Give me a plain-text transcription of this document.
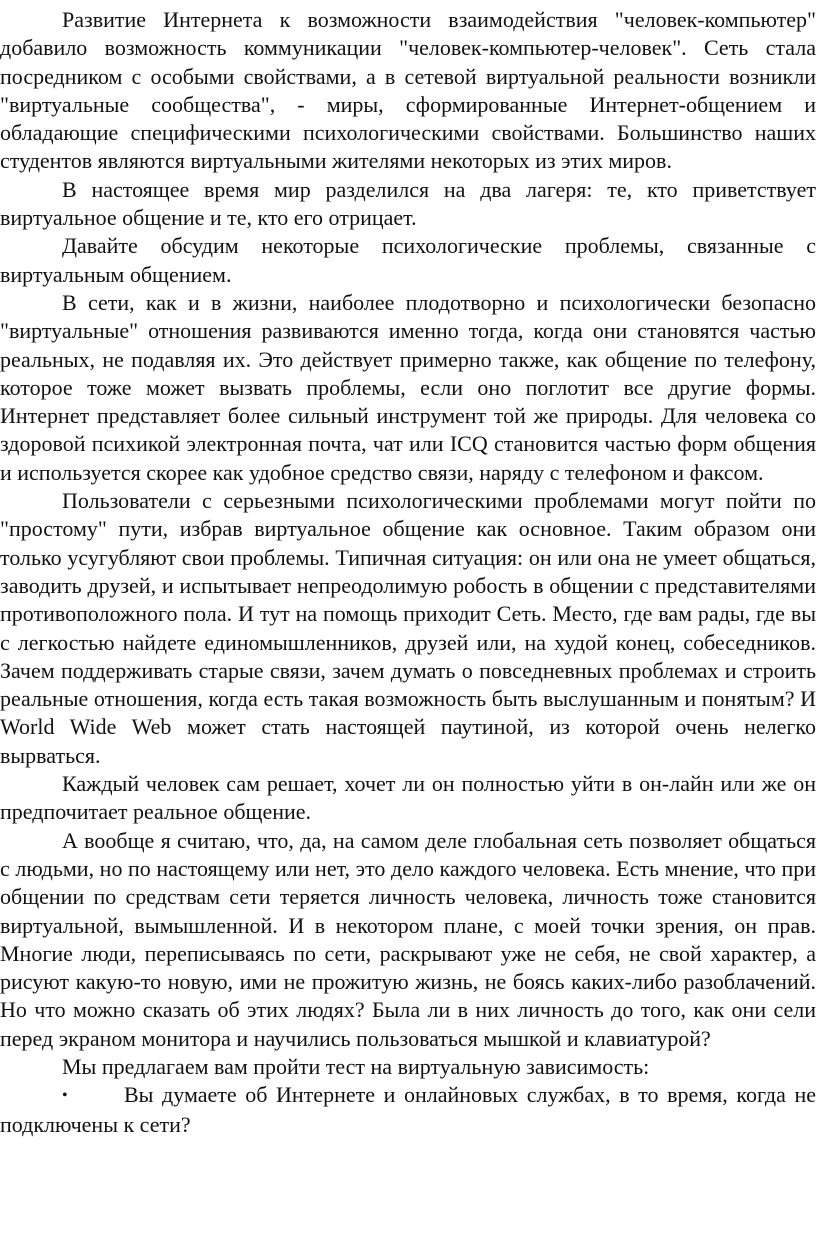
Развитие Интернета к возможности взаимодействия "человек-компьютер" добавило возможность коммуникации "человек-компьютер-человек". Сеть стала посредником с особыми свойствами, а в сетевой виртуальной реальности возникли "виртуальные сообщества", - миры, сформированные Интернет-общением и обладающие специфическими психологическими свойствами. Большинство наших студентов являются виртуальными жителями некоторых из этих миров.

В настоящее время мир разделился на два лагеря: те, кто приветствует виртуальное общение и те, кто его отрицает.

Давайте обсудим некоторые психологические проблемы, связанные с виртуальным общением.

В сети, как и в жизни, наиболее плодотворно и психологически безопасно "виртуальные" отношения развиваются именно тогда, когда они становятся частью реальных, не подавляя их. Это действует примерно также, как общение по телефону, которое тоже может вызвать проблемы, если оно поглотит все другие формы. Интернет представляет более сильный инструмент той же природы. Для человека со здоровой психикой электронная почта, чат или ICQ становится частью форм общения и используется скорее как удобное средство связи, наряду с телефоном и факсом.

Пользователи с серьезными психологическими проблемами могут пойти по "простому" пути, избрав виртуальное общение как основное. Таким образом они только усугубляют свои проблемы. Типичная ситуация: он или она не умеет общаться, заводить друзей, и испытывает непреодолимую робость в общении с представителями противоположного пола. И тут на помощь приходит Сеть. Место, где вам рады, где вы с легкостью найдете единомышленников, друзей или, на худой конец, собеседников. Зачем поддерживать старые связи, зачем думать о повседневных проблемах и строить реальные отношения, когда есть такая возможность быть выслушанным и понятым? И World Wide Web может стать настоящей паутиной, из которой очень нелегко вырваться.

Каждый человек сам решает, хочет ли он полностью уйти в он-лайн или же он предпочитает реальное общение.

А вообще я считаю, что, да, на самом деле глобальная сеть позволяет общаться с людьми, но по настоящему или нет, это дело каждого человека. Есть мнение, что при общении по средствам сети теряется личность человека, личность тоже становится виртуальной, вымышленной. И в некотором плане, с моей точки зрения, он прав. Многие люди, переписываясь по сети, раскрывают уже не себя, не свой характер, а рисуют какую-то новую, ими не прожитую жизнь, не боясь каких-либо разоблачений. Но что можно сказать об этих людях? Была ли в них личность до того, как они сели перед экраном монитора и научились пользоваться мышкой и клавиатурой?

Мы предлагаем вам пройти тест на виртуальную зависимость:

•	Вы думаете об Интернете и онлайновых службах, в то время, когда не подключены к сети?
